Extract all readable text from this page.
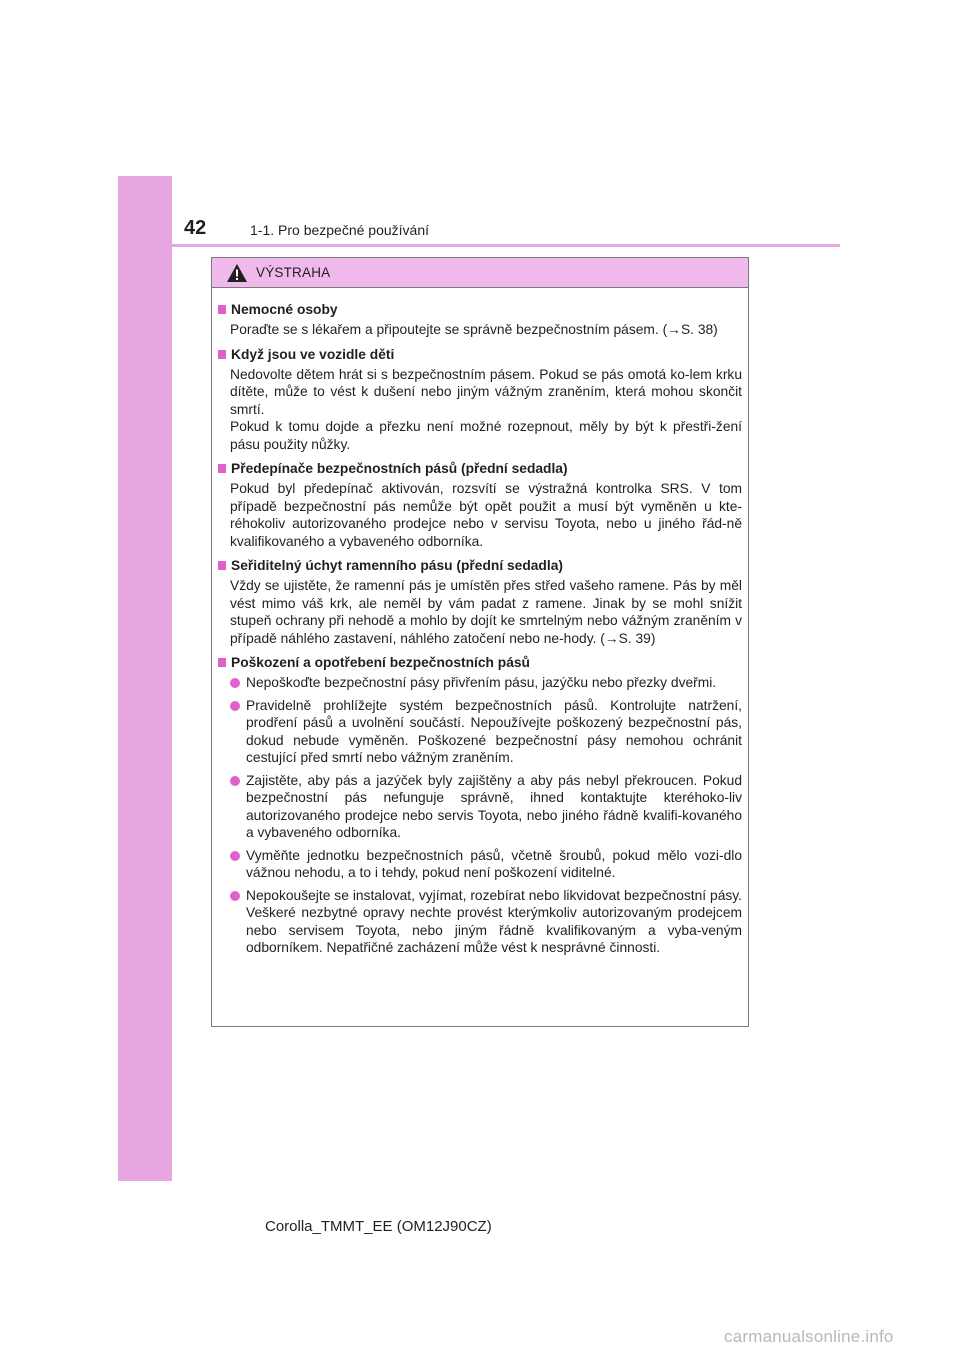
42	1-1. Pro bezpečné používání
VÝSTRAHA
Nemocné osoby
Poraďte se s lékařem a připoutejte se správně bezpečnostním pásem. (→S. 38)
Když jsou ve vozidle děti
Nedovolte dětem hrát si s bezpečnostním pásem. Pokud se pás omotá ko-lem krku dítěte, může to vést k dušení nebo jiným vážným zraněním, která mohou skončit smrtí.
Pokud k tomu dojde a přezku není možné rozepnout, měly by být k přestři-žení pásu použity nůžky.
Předepínače bezpečnostních pásů (přední sedadla)
Pokud byl předepínač aktivován, rozsvítí se výstražná kontrolka SRS. V tom případě bezpečnostní pás nemůže být opět použit a musí být vyměněn u kte-réhokoliv autorizovaného prodejce nebo v servisu Toyota, nebo u jiného řád-ně kvalifikovaného a vybaveného odborníka.
Seřiditelný úchyt ramenního pásu (přední sedadla)
Vždy se ujistěte, že ramenní pás je umístěn přes střed vašeho ramene. Pás by měl vést mimo váš krk, ale neměl by vám padat z ramene. Jinak by se mohl snížit stupeň ochrany při nehodě a mohlo by dojít ke smrtelným nebo vážným zraněním v případě náhlého zastavení, náhlého zatočení nebo ne-hody. (→S. 39)
Poškození a opotřebení bezpečnostních pásů
Nepoškoďte bezpečnostní pásy přivřením pásu, jazýčku nebo přezky dveřmi.
Pravidelně prohlížejte systém bezpečnostních pásů. Kontrolujte natržení, prodření pásů a uvolnění součástí. Nepoužívejte poškozený bezpečnostní pás, dokud nebude vyměněn. Poškozené bezpečnostní pásy nemohou ochránit cestující před smrtí nebo vážným zraněním.
Zajistěte, aby pás a jazýček byly zajištěny a aby pás nebyl překroucen. Pokud bezpečnostní pás nefunguje správně, ihned kontaktujte kteréhoko-liv autorizovaného prodejce nebo servis Toyota, nebo jiného řádně kvalifi-kovaného a vybaveného odborníka.
Vyměňte jednotku bezpečnostních pásů, včetně šroubů, pokud mělo vozi-dlo vážnou nehodu, a to i tehdy, pokud není poškození viditelné.
Nepokoušejte se instalovat, vyjímat, rozebírat nebo likvidovat bezpečnostní pásy. Veškeré nezbytné opravy nechte provést kterýmkoliv autorizovaným prodejcem nebo servisem Toyota, nebo jiným řádně kvalifikovaným a vyba-veným odborníkem. Nepatřičné zacházení může vést k nesprávné činnosti.
Corolla_TMMT_EE (OM12J90CZ)
carmanualsonline.info
